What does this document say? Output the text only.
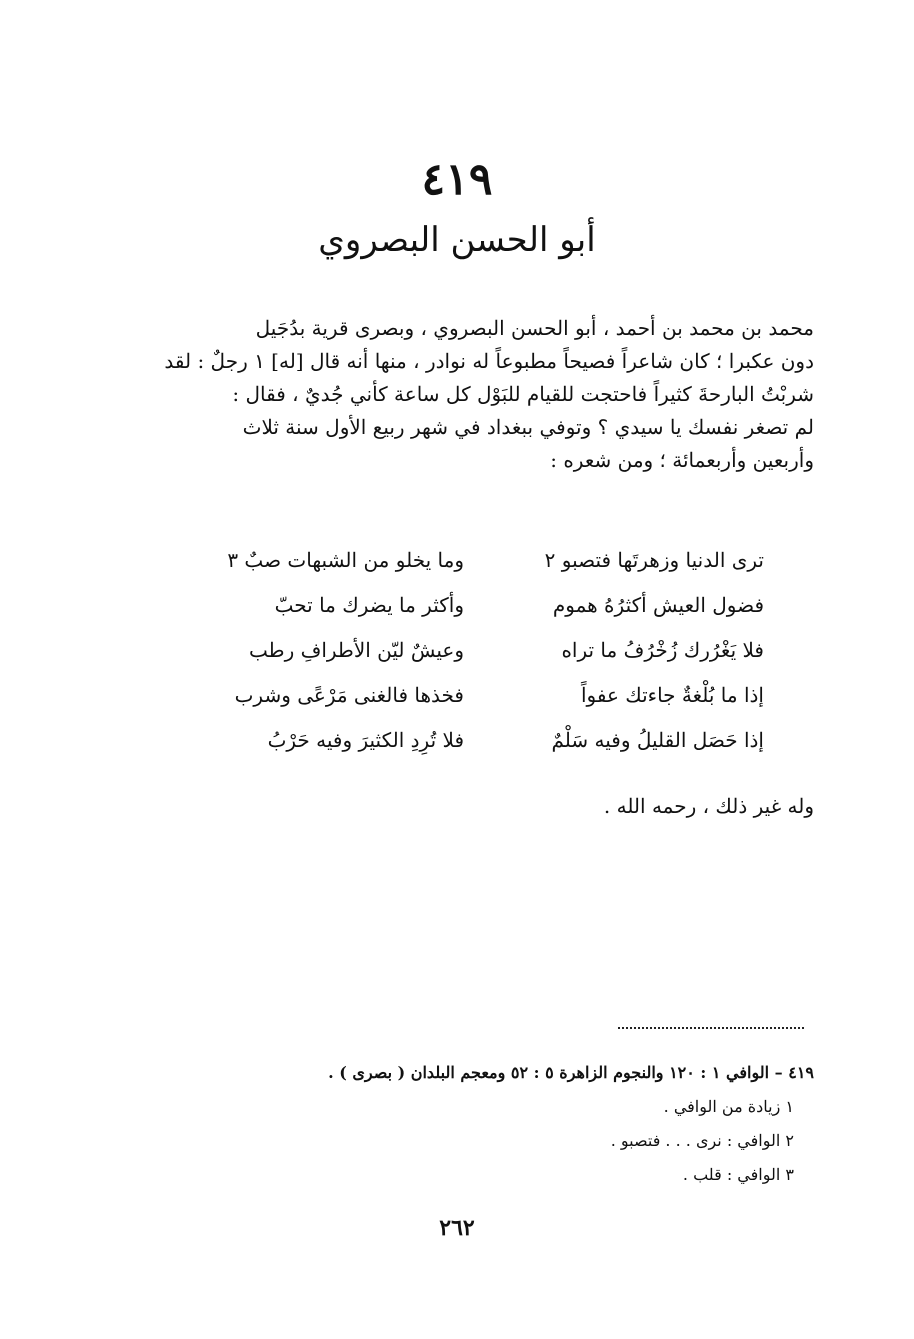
٤١٩
أبو الحسن البصروي

محمد بن محمد بن أحمد ، أبو الحسن البصروي ، وبصرى قرية بدُجَيل

دون عكبرا ؛ كان شاعراً فصيحاً مطبوعاً له نوادر ، منها أنه قال [له] ١ رجلٌ : لقد

شربْتُ البارحةَ كثيراً فاحتجت للقيام للبَوْل كل ساعة كأني جُديٌ ، فقال :

لم تصغر نفسك يا سيدي ؟ وتوفي ببغداد في شهر ربيع الأول سنة ثلاث

وأربعين وأربعمائة ؛ ومن شعره :

ترى الدنيا وزهرتَها فتصبو ٢
وما يخلو من الشبهات صبٌ ٣
فضول العيش أكثرُهُ هموم
وأكثر ما يضرك ما تحبّ
فلا يَغْرُرك زُخْرُفُ ما تراه
وعيشٌ ليّن الأطرافِ رطب
إذا ما بُلْغةٌ جاءتك عفواً
فخذها فالغنى مَرْعًى وشرب
إذا حَصَل القليلُ وفيه سَلْمٌ
فلا تُرِدِ الكثيرَ وفيه حَرْبُ
وله غير ذلك ، رحمه الله .

٤١٩ – الوافي ١ : ١٢٠ والنجوم الزاهرة ٥ : ٥٢ ومعجم البلدان ( بصرى ) .

١ زيادة من الوافي .

٢ الوافي : نرى . . . فتصبو .

٣ الوافي : قلب .

٢٦٢
